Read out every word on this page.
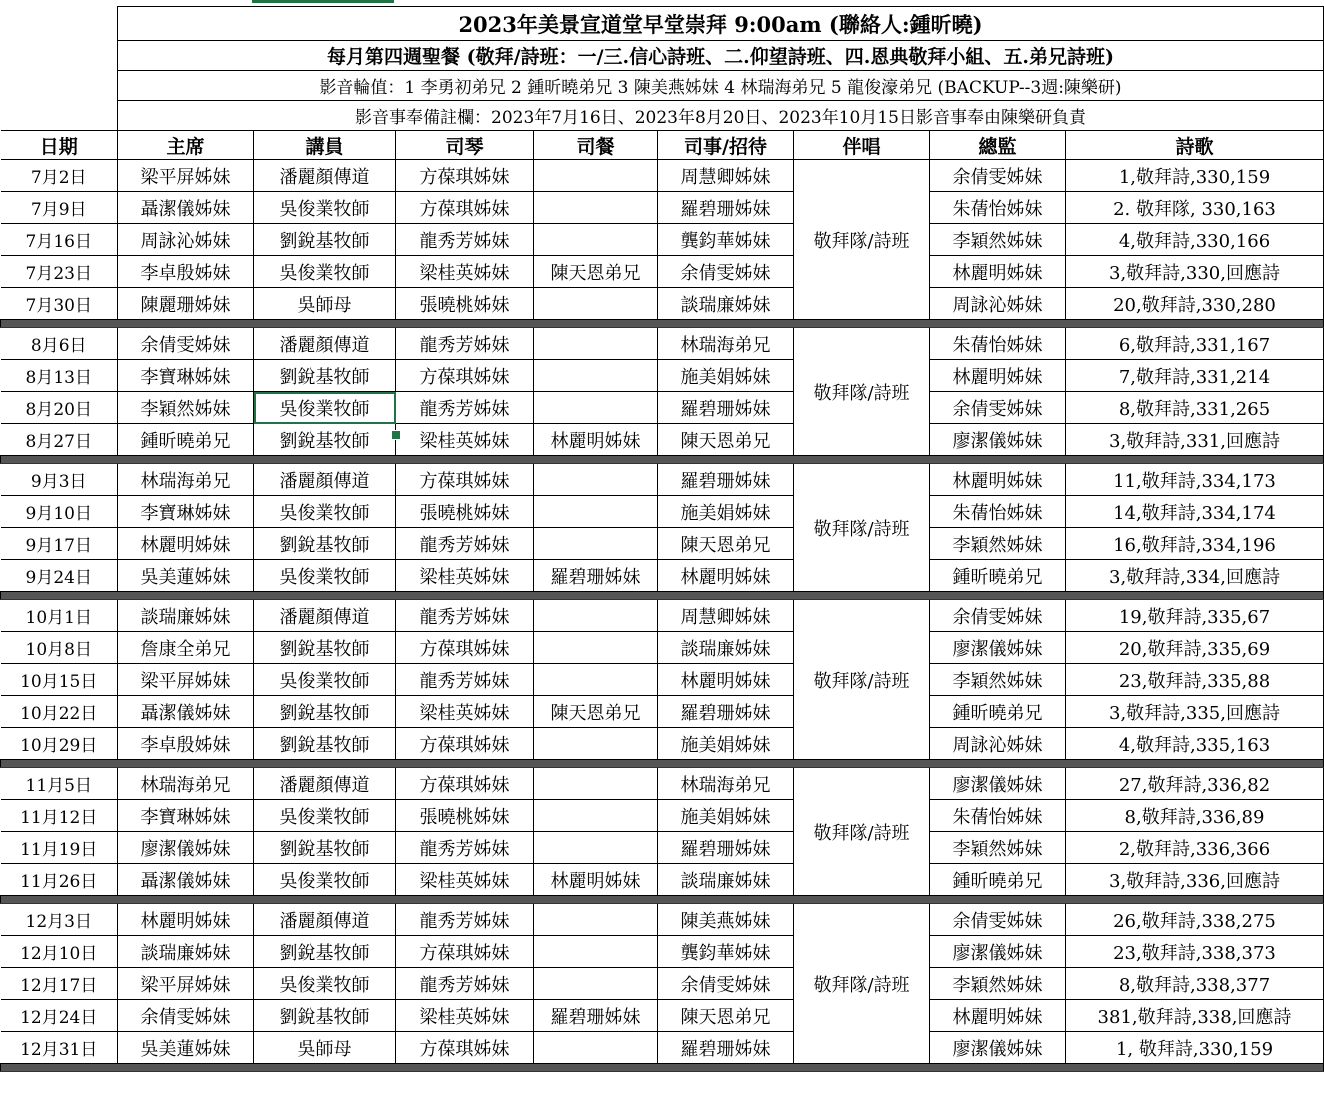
	2023年美景宣道堂早堂崇拜 9:00am (聯絡人:鍾昕曉)							
	每月第四週聖餐 (敬拜/詩班：一/三.信心詩班、二.仰望詩班、四.恩典敬拜小組、五.弟兄詩班)							
	影音輪值：1 李勇初弟兄 2 鍾昕曉弟兄 3 陳美燕姊妹 4 林瑞海弟兄 5 龍俊濠弟兄 (BACKUP--3週:陳樂研)							
	影音事奉備註欄：2023年7月16日、2023年8月20日、2023年10月15日影音事奉由陳樂研負責							
日期	主席	講員	司琴	司餐	司事/招待	伴唱	總監	詩歌
7月2日	梁平屏姊妹	潘麗顏傳道	方葆琪姊妹		周慧卿姊妹	敬拜隊/詩班	余倩雯姊妹	1,敬拜詩,330,159
7月9日	聶潔儀姊妹	吳俊業牧師	方葆琪姊妹		羅碧珊姊妹		朱蒨怡姊妹	2. 敬拜隊, 330,163
7月16日	周詠沁姊妹	劉銳基牧師	龍秀芳姊妹		龔鈞華姊妹		李穎然姊妹	4,敬拜詩,330,166
7月23日	李卓殷姊妹	吳俊業牧師	梁桂英姊妹	陳天恩弟兄	余倩雯姊妹		林麗明姊妹	3,敬拜詩,330,回應詩
7月30日	陳麗珊姊妹	吳師母	張曉桃姊妹		談瑞廉姊妹		周詠沁姊妹	20,敬拜詩,330,280

8月6日	余倩雯姊妹	潘麗顏傳道	龍秀芳姊妹		林瑞海弟兄	敬拜隊/詩班	朱蒨怡姊妹	6,敬拜詩,331,167
8月13日	李寶琳姊妹	劉銳基牧師	方葆琪姊妹		施美娟姊妹		林麗明姊妹	7,敬拜詩,331,214
8月20日	李穎然姊妹	吳俊業牧師	龍秀芳姊妹		羅碧珊姊妹		余倩雯姊妹	8,敬拜詩,331,265
8月27日	鍾昕曉弟兄	劉銳基牧師	梁桂英姊妹	林麗明姊妹	陳天恩弟兄		廖潔儀姊妹	3,敬拜詩,331,回應詩

9月3日	林瑞海弟兄	潘麗顏傳道	方葆琪姊妹		羅碧珊姊妹	敬拜隊/詩班	林麗明姊妹	11,敬拜詩,334,173
9月10日	李寶琳姊妹	吳俊業牧師	張曉桃姊妹		施美娟姊妹		朱蒨怡姊妹	14,敬拜詩,334,174
9月17日	林麗明姊妹	劉銳基牧師	龍秀芳姊妹		陳天恩弟兄		李穎然姊妹	16,敬拜詩,334,196
9月24日	吳美蓮姊妹	吳俊業牧師	梁桂英姊妹	羅碧珊姊妹	林麗明姊妹		鍾昕曉弟兄	3,敬拜詩,334,回應詩

10月1日	談瑞廉姊妹	潘麗顏傳道	龍秀芳姊妹		周慧卿姊妹	敬拜隊/詩班	余倩雯姊妹	19,敬拜詩,335,67
10月8日	詹康全弟兄	劉銳基牧師	方葆琪姊妹		談瑞廉姊妹		廖潔儀姊妹	20,敬拜詩,335,69
10月15日	梁平屏姊妹	吳俊業牧師	龍秀芳姊妹		林麗明姊妹		李穎然姊妹	23,敬拜詩,335,88
10月22日	聶潔儀姊妹	劉銳基牧師	梁桂英姊妹	陳天恩弟兄	羅碧珊姊妹		鍾昕曉弟兄	3,敬拜詩,335,回應詩
10月29日	李卓殷姊妹	劉銳基牧師	方葆琪姊妹		施美娟姊妹		周詠沁姊妹	4,敬拜詩,335,163

11月5日	林瑞海弟兄	潘麗顏傳道	方葆琪姊妹		林瑞海弟兄	敬拜隊/詩班	廖潔儀姊妹	27,敬拜詩,336,82
11月12日	李寶琳姊妹	吳俊業牧師	張曉桃姊妹		施美娟姊妹		朱蒨怡姊妹	8,敬拜詩,336,89
11月19日	廖潔儀姊妹	劉銳基牧師	龍秀芳姊妹		羅碧珊姊妹		李穎然姊妹	2,敬拜詩,336,366
11月26日	聶潔儀姊妹	吳俊業牧師	梁桂英姊妹	林麗明姊妹	談瑞廉姊妹		鍾昕曉弟兄	3,敬拜詩,336,回應詩

12月3日	林麗明姊妹	潘麗顏傳道	龍秀芳姊妹		陳美燕姊妹	敬拜隊/詩班	余倩雯姊妹	26,敬拜詩,338,275
12月10日	談瑞廉姊妹	劉銳基牧師	方葆琪姊妹		龔鈞華姊妹		廖潔儀姊妹	23,敬拜詩,338,373
12月17日	梁平屏姊妹	吳俊業牧師	龍秀芳姊妹		余倩雯姊妹		李穎然姊妹	8,敬拜詩,338,377
12月24日	余倩雯姊妹	劉銳基牧師	梁桂英姊妹	羅碧珊姊妹	陳天恩弟兄		林麗明姊妹	381,敬拜詩,338,回應詩
12月31日	吳美蓮姊妹	吳師母	方葆琪姊妹		羅碧珊姊妹		廖潔儀姊妹	1, 敬拜詩,330,159
